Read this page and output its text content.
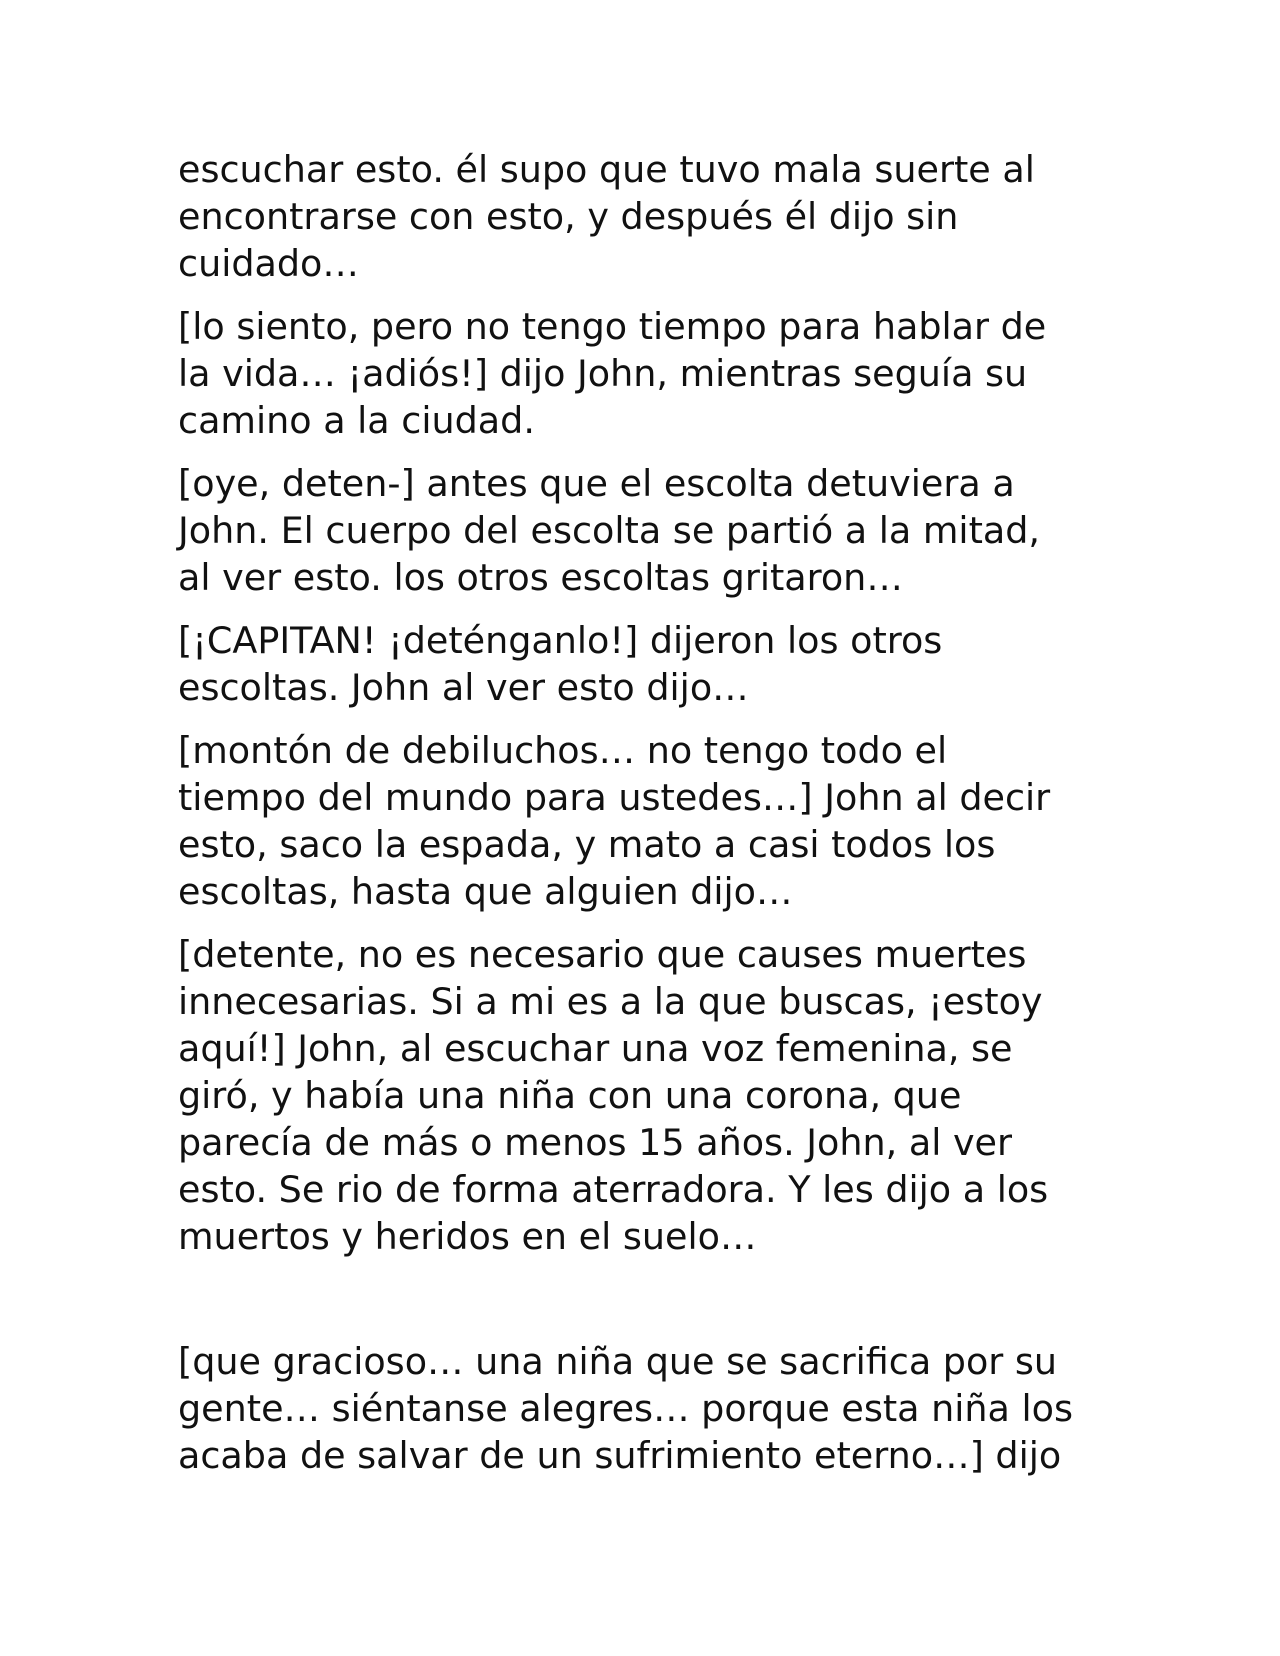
escuchar esto. él supo que tuvo mala suerte al
encontrarse con esto, y después él dijo sin
cuidado…

[lo siento, pero no tengo tiempo para hablar de
la vida… ¡adiós!] dijo John, mientras seguía su
camino a la ciudad.

[oye, deten-] antes que el escolta detuviera a
John. El cuerpo del escolta se partió a la mitad,
al ver esto. los otros escoltas gritaron…

[¡CAPITAN! ¡deténganlo!] dijeron los otros
escoltas. John al ver esto dijo…

[montón de debiluchos… no tengo todo el
tiempo del mundo para ustedes…] John al decir
esto, saco la espada, y mato a casi todos los
escoltas, hasta que alguien dijo…

[detente, no es necesario que causes muertes
innecesarias. Si a mi es a la que buscas, ¡estoy
aquí!] John, al escuchar una voz femenina, se
giró, y había una niña con una corona, que
parecía de más o menos 15 años. John, al ver
esto. Se rio de forma aterradora. Y les dijo a los
muertos y heridos en el suelo…

[que gracioso… una niña que se sacrifica por su
gente… siéntanse alegres… porque esta niña los
acaba de salvar de un sufrimiento eterno…] dijo
